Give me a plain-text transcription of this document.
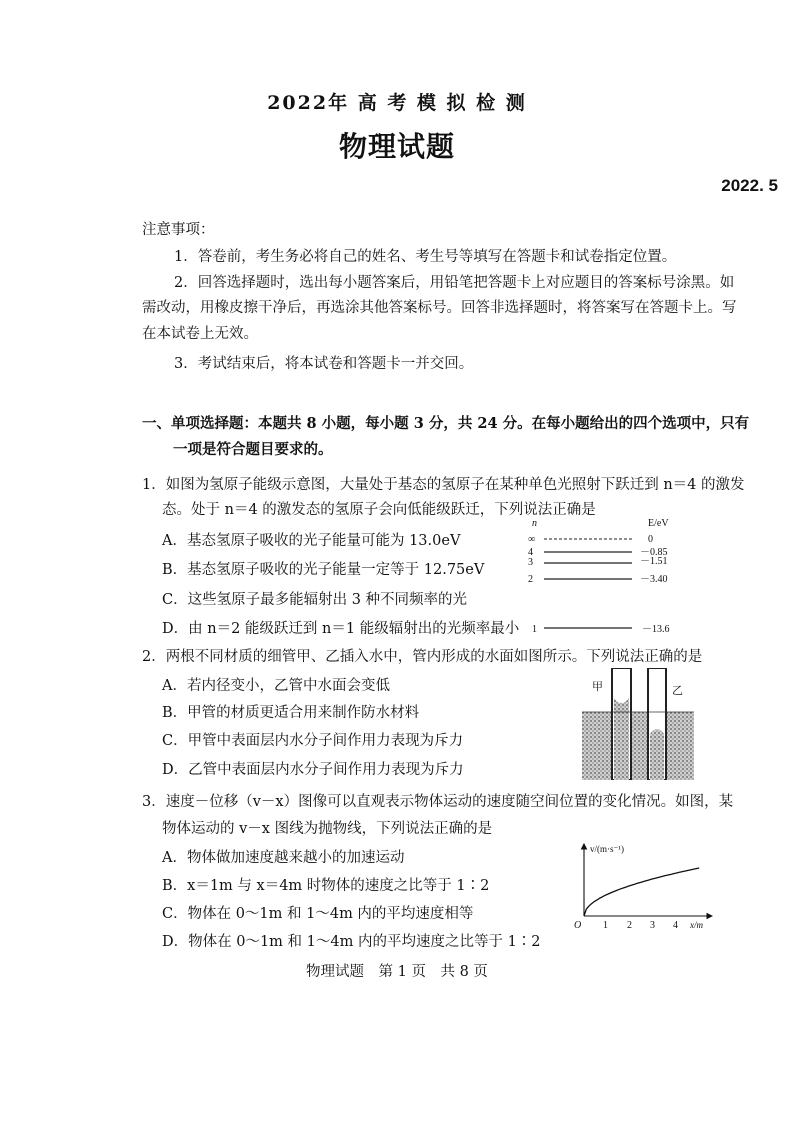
2022年 高 考 模 拟 检 测
物理试题
2022. 5
注意事项：
1．答卷前，考生务必将自己的姓名、考生号等填写在答题卡和试卷指定位置。
2．回答选择题时，选出每小题答案后，用铅笔把答题卡上对应题目的答案标号涂黑。如
需改动，用橡皮擦干净后，再选涂其他答案标号。回答非选择题时，将答案写在答题卡上。写
在本试卷上无效。
3．考试结束后，将本试卷和答题卡一并交回。
一、单项选择题：本题共 8 小题，每小题 3 分，共 24 分。在每小题给出的四个选项中，只有
一项是符合题目要求的。
1．如图为氢原子能级示意图，大量处于基态的氢原子在某种单色光照射下跃迁到 n＝4 的激发
态。处于 n＝4 的激发态的氢原子会向低能级跃迁，下列说法正确是
A．基态氢原子吸收的光子能量可能为 13.0eV
B．基态氢原子吸收的光子能量一定等于 12.75eV
C．这些氢原子最多能辐射出 3 种不同频率的光
D．由 n＝2 能级跃迁到 n＝1 能级辐射出的光频率最小
n	E/eV
∞	0
4	－0.85
3	－1.51
2	－3.40
1	－13.6
2．两根不同材质的细管甲、乙插入水中，管内形成的水面如图所示。下列说法正确的是
A．若内径变小，乙管中水面会变低
B．甲管的材质更适合用来制作防水材料
C．甲管中表面层内水分子间作用力表现为斥力
D．乙管中表面层内水分子间作用力表现为斥力
甲	乙
3．速度－位移（v－x）图像可以直观表示物体运动的速度随空间位置的变化情况。如图，某
物体运动的 v－x 图线为抛物线，下列说法正确的是
A．物体做加速度越来越小的加速运动
B．x＝1m 与 x＝4m 时物体的速度之比等于 1∶2
C．物体在 0～1m 和 1～4m 内的平均速度相等
D．物体在 0～1m 和 1～4m 内的平均速度之比等于 1∶2
v/(m·s⁻¹)
x/m
O 1 2 3 4
物理试题　第 1 页　共 8 页
